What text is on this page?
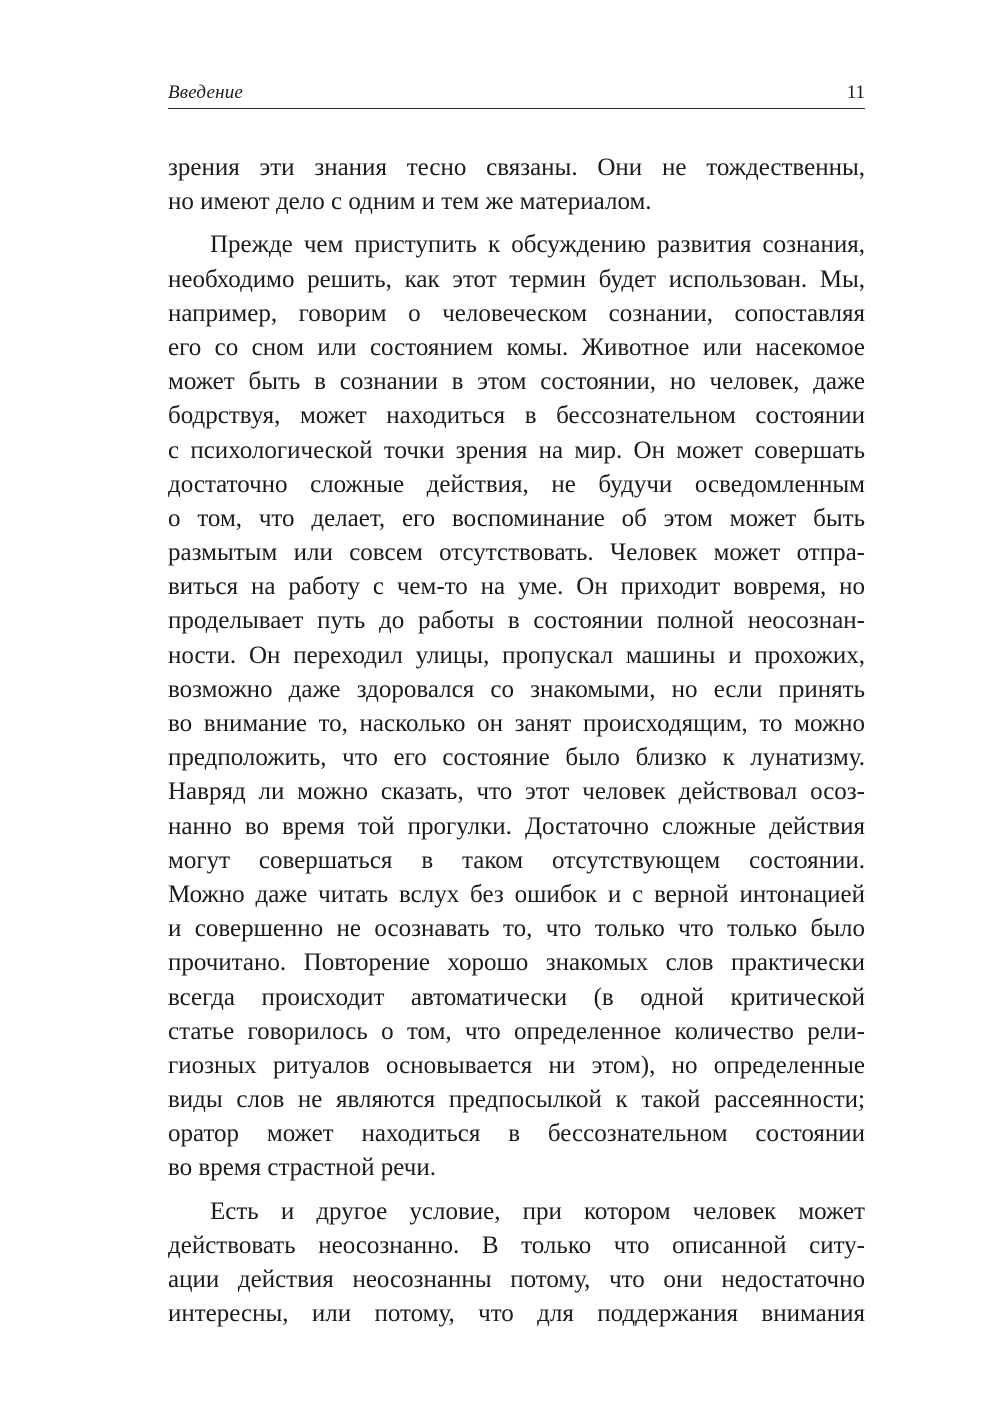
Введение	11
зрения эти знания тесно связаны. Они не тождественны,
но имеют дело с одним и тем же материалом.
Прежде чем приступить к обсуждению развития сознания,
необходимо решить, как этот термин будет использован. Мы,
например, говорим о человеческом сознании, сопоставляя
его со сном или состоянием комы. Животное или насекомое
может быть в сознании в этом состоянии, но человек, даже
бодрствуя, может находиться в бессознательном состоянии
с психологической точки зрения на мир. Он может совершать
достаточно сложные действия, не будучи осведомленным
о том, что делает, его воспоминание об этом может быть
размытым или совсем отсутствовать. Человек может отпра-
виться на работу с чем-то на уме. Он приходит вовремя, но
проделывает путь до работы в состоянии полной неосознан-
ности. Он переходил улицы, пропускал машины и прохожих,
возможно даже здоровался со знакомыми, но если принять
во внимание то, насколько он занят происходящим, то можно
предположить, что его состояние было близко к лунатизму.
Навряд ли можно сказать, что этот человек действовал осоз-
нанно во время той прогулки. Достаточно сложные действия
могут совершаться в таком отсутствующем состоянии.
Можно даже читать вслух без ошибок и с верной интонацией
и совершенно не осознавать то, что только что только было
прочитано. Повторение хорошо знакомых слов практически
всегда происходит автоматически (в одной критической
статье говорилось о том, что определенное количество рели-
гиозных ритуалов основывается ни этом), но определенные
виды слов не являются предпосылкой к такой рассеянности;
оратор может находиться в бессознательном состоянии
во время страстной речи.
Есть и другое условие, при котором человек может
действовать неосознанно. В только что описанной ситу-
ации действия неосознанны потому, что они недостаточно
интересны, или потому, что для поддержания внимания
